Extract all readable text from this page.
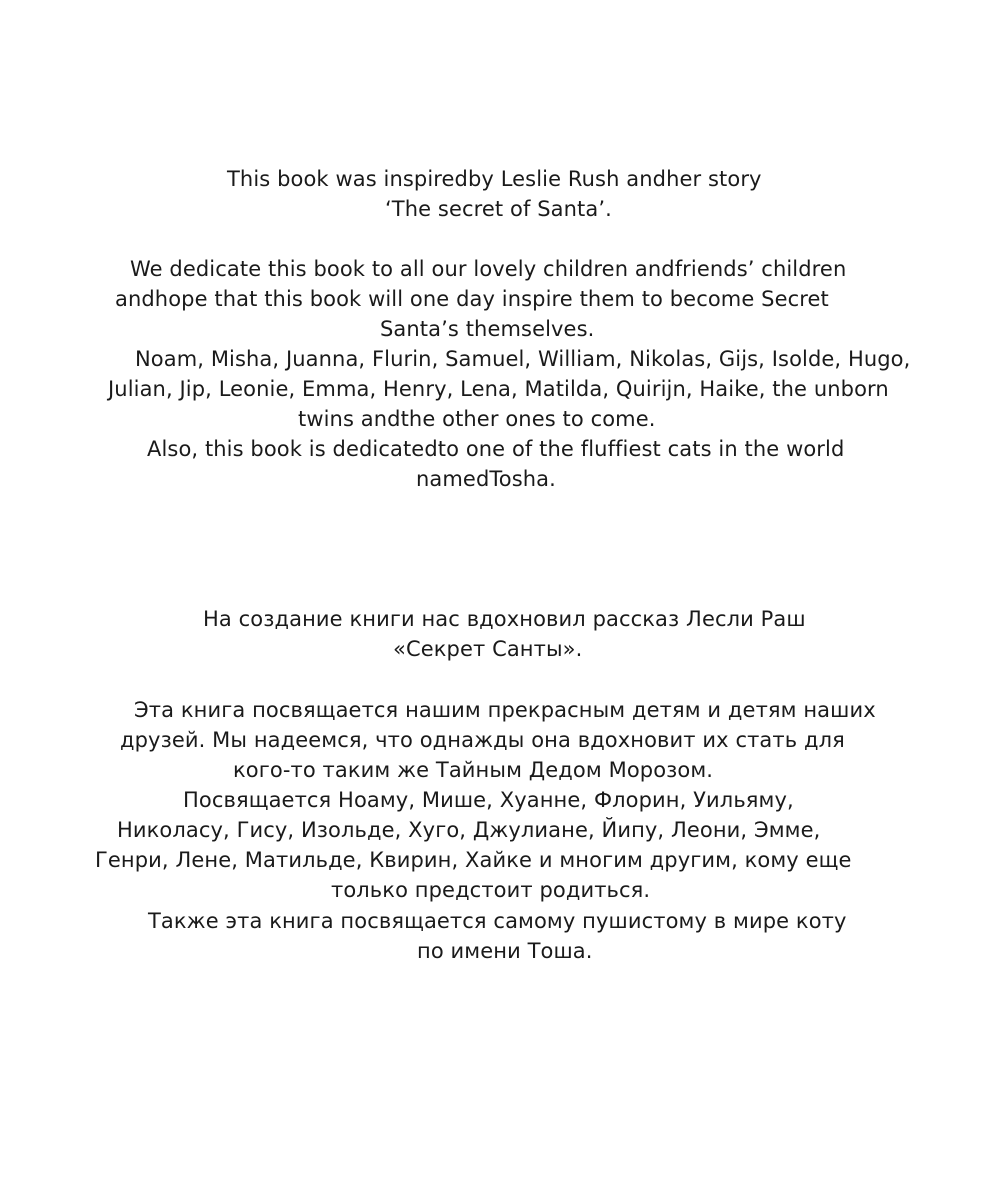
This book was inspiredby Leslie Rush andher story
‘The secret of Santa’.
We dedicate this book to all our lovely children andfriends’ children
andhope that this book will one day inspire them to become Secret
Santa’s themselves.
Noam, Misha, Juanna, Flurin, Samuel, William, Nikolas, Gijs, Isolde, Hugo,
Julian, Jip, Leonie, Emma, Henry, Lena, Matilda, Quirijn, Haike, the unborn
twins andthe other ones to come.
Also, this book is dedicatedto one of the fluffiest cats in the world
namedTosha.
На создание книги нас вдохновил рассказ Лесли Раш
«Секрет Санты».
Эта книга посвящается нашим прекрасным детям и детям наших
друзей. Мы надеемся, что однажды она вдохновит их стать для
кого-то таким же Тайным Дедом Морозом.
Посвящается Ноаму, Мише, Хуанне, Флорин, Уильяму,
Николасу, Гису, Изольде, Хуго, Джулиане, Йипу, Леони, Эмме,
Генри, Лене, Матильде, Квирин, Хайке и многим другим, кому еще
только предстоит родиться.
Также эта книга посвящается самому пушистому в мире коту
по имени Тоша.
